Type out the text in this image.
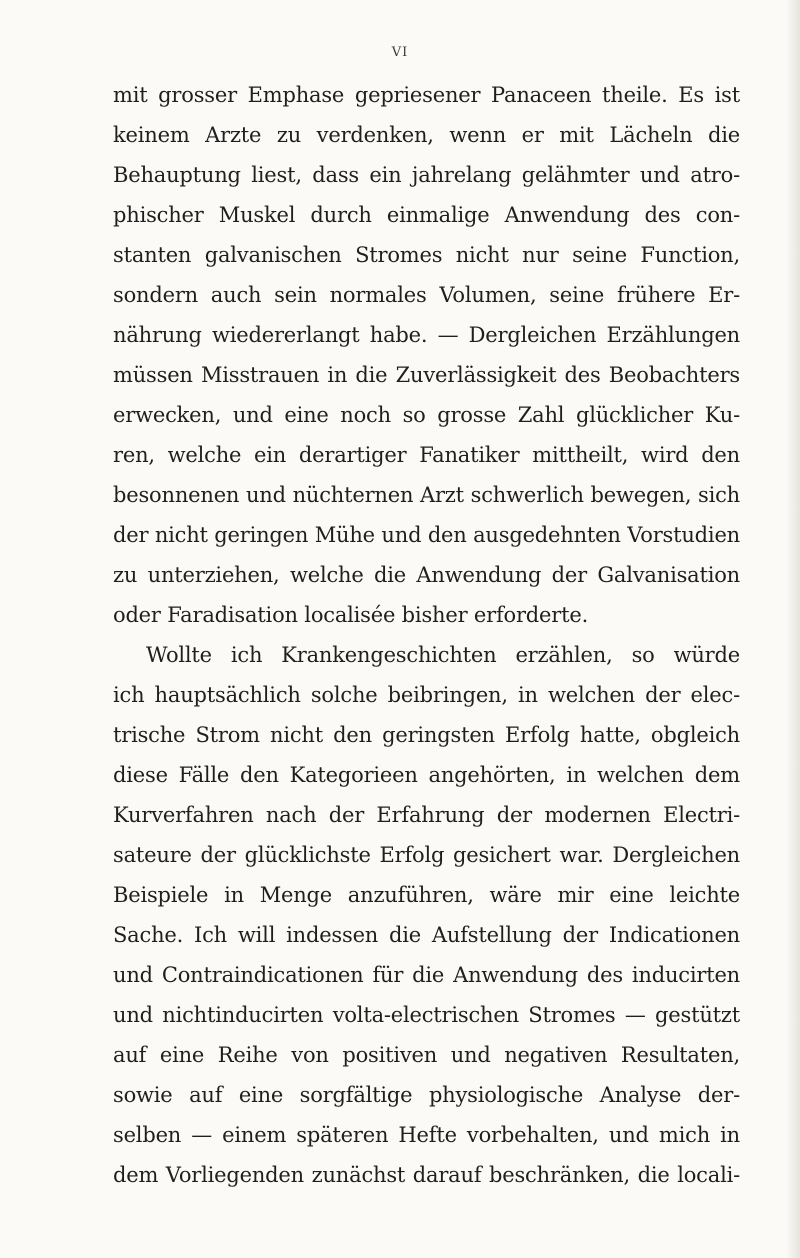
VI
mit grosser Emphase gepriesener Panaceen theile. Es ist
keinem Arzte zu verdenken, wenn er mit Lächeln die
Behauptung liest, dass ein jahrelang gelähmter und atro-
phischer Muskel durch einmalige Anwendung des con-
stanten galvanischen Stromes nicht nur seine Function,
sondern auch sein normales Volumen, seine frühere Er-
nährung wiedererlangt habe. — Dergleichen Erzählungen
müssen Misstrauen in die Zuverlässigkeit des Beobachters
erwecken, und eine noch so grosse Zahl glücklicher Ku-
ren, welche ein derartiger Fanatiker mittheilt, wird den
besonnenen und nüchternen Arzt schwerlich bewegen, sich
der nicht geringen Mühe und den ausgedehnten Vorstudien
zu unterziehen, welche die Anwendung der Galvanisation
oder Faradisation localisée bisher erforderte.
Wollte ich Krankengeschichten erzählen, so würde
ich hauptsächlich solche beibringen, in welchen der elec-
trische Strom nicht den geringsten Erfolg hatte, obgleich
diese Fälle den Kategorieen angehörten, in welchen dem
Kurverfahren nach der Erfahrung der modernen Electri-
sateure der glücklichste Erfolg gesichert war. Dergleichen
Beispiele in Menge anzuführen, wäre mir eine leichte
Sache. Ich will indessen die Aufstellung der Indicationen
und Contraindicationen für die Anwendung des inducirten
und nichtinducirten volta-electrischen Stromes — gestützt
auf eine Reihe von positiven und negativen Resultaten,
sowie auf eine sorgfältige physiologische Analyse der-
selben — einem späteren Hefte vorbehalten, und mich in
dem Vorliegenden zunächst darauf beschränken, die locali-
